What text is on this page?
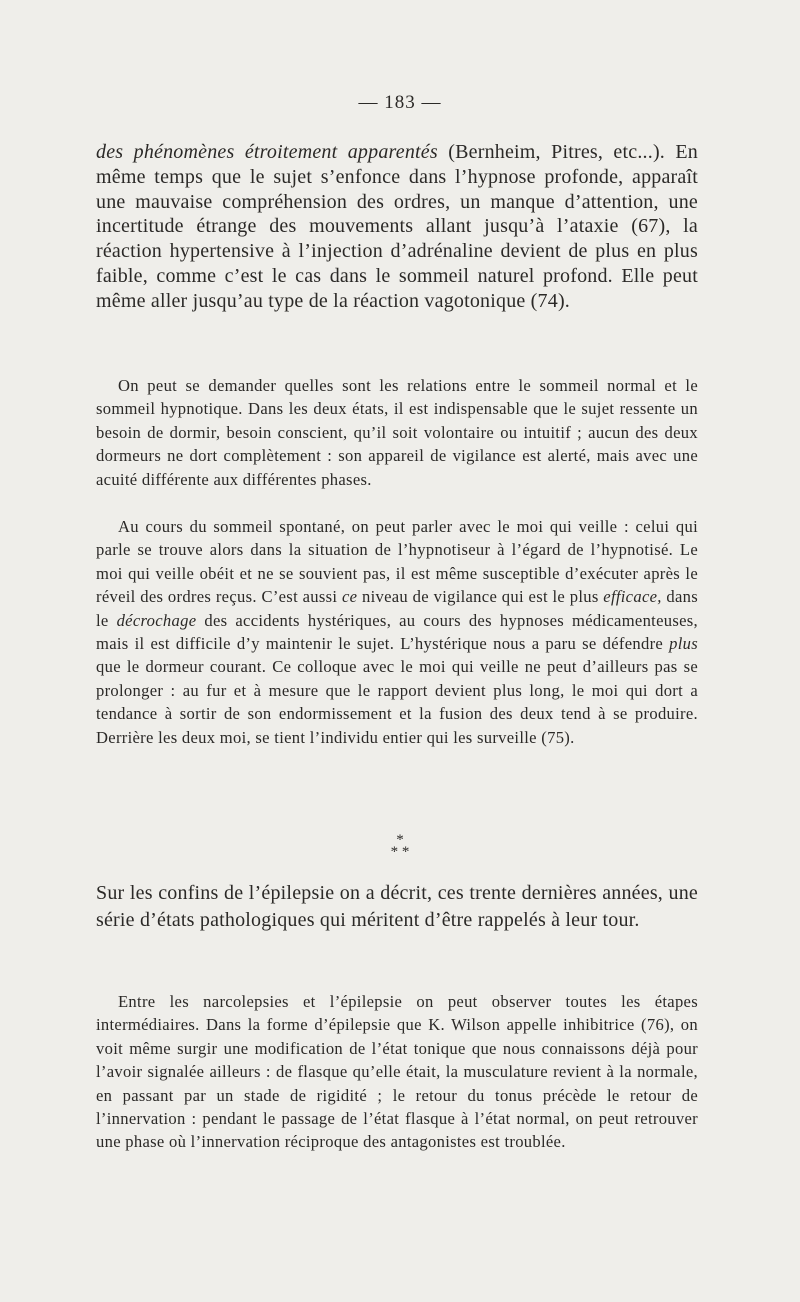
— 183 —

des phénomènes étroitement apparentés (Bernheim, Pitres, etc...). En même temps que le sujet s’enfonce dans l’hypnose profonde, apparaît une mauvaise compréhension des ordres, un manque d’attention, une incertitude étrange des mouvements allant jusqu’à l’ataxie (67), la réaction hypertensive à l’injection d’adrénaline devient de plus en plus faible, comme c’est le cas dans le sommeil naturel profond. Elle peut même aller jusqu’au type de la réaction vagotonique (74).

On peut se demander quelles sont les relations entre le sommeil normal et le sommeil hypnotique. Dans les deux états, il est indispensable que le sujet ressente un besoin de dormir, besoin conscient, qu’il soit volontaire ou intuitif ; aucun des deux dormeurs ne dort complètement : son appareil de vigilance est alerté, mais avec une acuité différente aux différentes phases.

Au cours du sommeil spontané, on peut parler avec le moi qui veille : celui qui parle se trouve alors dans la situation de l’hypnotiseur à l’égard de l’hypnotisé. Le moi qui veille obéit et ne se souvient pas, il est même susceptible d’exécuter après le réveil des ordres reçus. C’est aussi ce niveau de vigilance qui est le plus efficace, dans le décrochage des accidents hystériques, au cours des hypnoses médicamenteuses, mais il est difficile d’y maintenir le sujet. L’hystérique nous a paru se défendre plus que le dormeur courant. Ce colloque avec le moi qui veille ne peut d’ailleurs pas se prolonger : au fur et à mesure que le rapport devient plus long, le moi qui dort a tendance à sortir de son endormissement et la fusion des deux tend à se produire. Derrière les deux moi, se tient l’individu entier qui les surveille (75).

*
* *

Sur les confins de l’épilepsie on a décrit, ces trente dernières années, une série d’états pathologiques qui méritent d’être rappelés à leur tour.

Entre les narcolepsies et l’épilepsie on peut observer toutes les étapes intermédiaires. Dans la forme d’épilepsie que K. Wilson appelle inhibitrice (76), on voit même surgir une modification de l’état tonique que nous connaissons déjà pour l’avoir signalée ailleurs : de flasque qu’elle était, la musculature revient à la normale, en passant par un stade de rigidité ; le retour du tonus précède le retour de l’innervation : pendant le passage de l’état flasque à l’état normal, on peut retrouver une phase où l’innervation réciproque des antagonistes est troublée.
